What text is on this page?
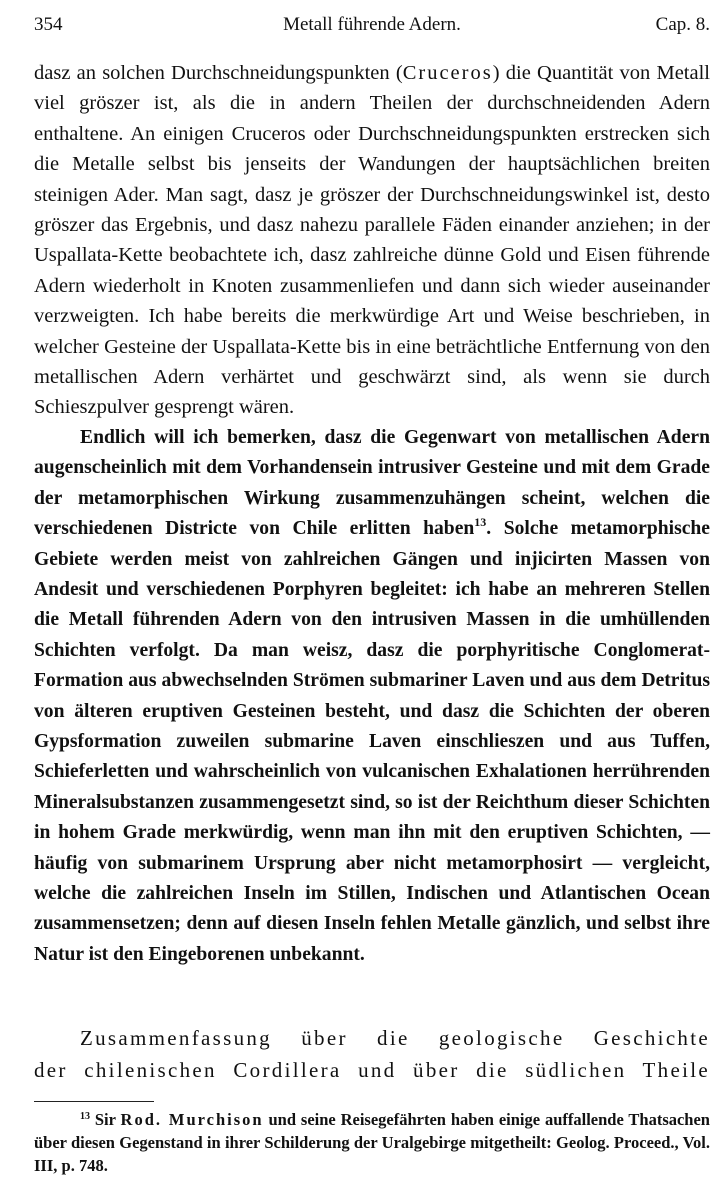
354	Metall führende Adern.	Cap. 8.

dasz an solchen Durchschneidungspunkten (Cruceros) die Quantität von Metall viel gröszer ist, als die in andern Theilen der durchschneidenden Adern enthaltene. An einigen Cruceros oder Durchschneidungspunkten erstrecken sich die Metalle selbst bis jenseits der Wandungen der hauptsächlichen breiten steinigen Ader. Man sagt, dasz je gröszer der Durchschneidungswinkel ist, desto gröszer das Ergebnis, und dasz nahezu parallele Fäden einander anziehen; in der Uspallata-Kette beobachtete ich, dasz zahlreiche dünne Gold und Eisen führende Adern wiederholt in Knoten zusammenliefen und dann sich wieder auseinander verzweigten. Ich habe bereits die merkwürdige Art und Weise beschrieben, in welcher Gesteine der Uspallata-Kette bis in eine beträchtliche Entfernung von den metallischen Adern verhärtet und geschwärzt sind, als wenn sie durch Schieszpulver gesprengt wären.

Endlich will ich bemerken, dasz die Gegenwart von metallischen Adern augenscheinlich mit dem Vorhandensein intrusiver Gesteine und mit dem Grade der metamorphischen Wirkung zusammenzuhängen scheint, welchen die verschiedenen Districte von Chile erlitten haben$^{13}$. Solche metamorphische Gebiete werden meist von zahlreichen Gängen und injicirten Massen von Andesit und verschiedenen Porphyren begleitet: ich habe an mehreren Stellen die Metall führenden Adern von den intrusiven Massen in die umhüllenden Schichten verfolgt. Da man weisz, dasz die porphyritische Conglomerat-Formation aus abwechselnden Strömen submariner Laven und aus dem Detritus von älteren eruptiven Gesteinen besteht, und dasz die Schichten der oberen Gypsformation zuweilen submarine Laven einschlieszen und aus Tuffen, Schieferletten und wahrscheinlich von vulcanischen Exhalationen herrührenden Mineralsubstanzen zusammengesetzt sind, so ist der Reichthum dieser Schichten in hohem Grade merkwürdig, wenn man ihn mit den eruptiven Schichten, — häufig von submarinem Ursprung aber nicht metamorphosirt — vergleicht, welche die zahlreichen Inseln im Stillen, Indischen und Atlantischen Ocean zusammensetzen; denn auf diesen Inseln fehlen Metalle gänzlich, und selbst ihre Natur ist den Eingeborenen unbekannt.

Zusammenfassung über die geologische Geschichte
der chilenischen Cordillera und über die südlichen Theile

$^{13}$ Sir Rod. Murchison und seine Reisegefährten haben einige auffallende Thatsachen über diesen Gegenstand in ihrer Schilderung der Uralgebirge mitgetheilt: Geolog. Proceed., Vol. III, p. 748.
